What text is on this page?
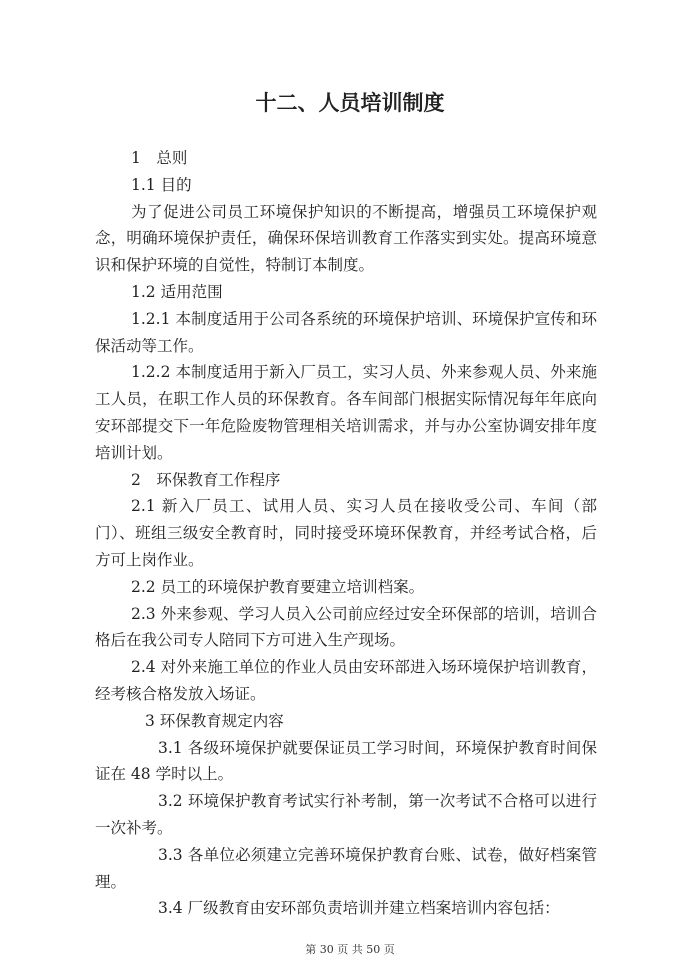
十二、人员培训制度

1　总则

1.1 目的

为了促进公司员工环境保护知识的不断提高，增强员工环境保护观念，明确环境保护责任，确保环保培训教育工作落实到实处。提高环境意识和保护环境的自觉性，特制订本制度。

1.2 适用范围

1.2.1 本制度适用于公司各系统的环境保护培训、环境保护宣传和环保活动等工作。

1.2.2 本制度适用于新入厂员工，实习人员、外来参观人员、外来施工人员，在职工作人员的环保教育。各车间部门根据实际情况每年年底向安环部提交下一年危险废物管理相关培训需求，并与办公室协调安排年度培训计划。

2　环保教育工作程序

2.1 新入厂员工、试用人员、实习人员在接收受公司、车间（部门）、班组三级安全教育时，同时接受环境环保教育，并经考试合格，后方可上岗作业。

2.2 员工的环境保护教育要建立培训档案。

2.3 外来参观、学习人员入公司前应经过安全环保部的培训，培训合格后在我公司专人陪同下方可进入生产现场。

2.4 对外来施工单位的作业人员由安环部进入场环境保护培训教育，经考核合格发放入场证。

3 环保教育规定内容

3.1 各级环境保护就要保证员工学习时间，环境保护教育时间保证在 48 学时以上。

3.2 环境保护教育考试实行补考制，第一次考试不合格可以进行一次补考。

3.3 各单位必须建立完善环境保护教育台账、试卷，做好档案管理。

3.4 厂级教育由安环部负责培训并建立档案培训内容包括：

第 30 页 共 50 页
